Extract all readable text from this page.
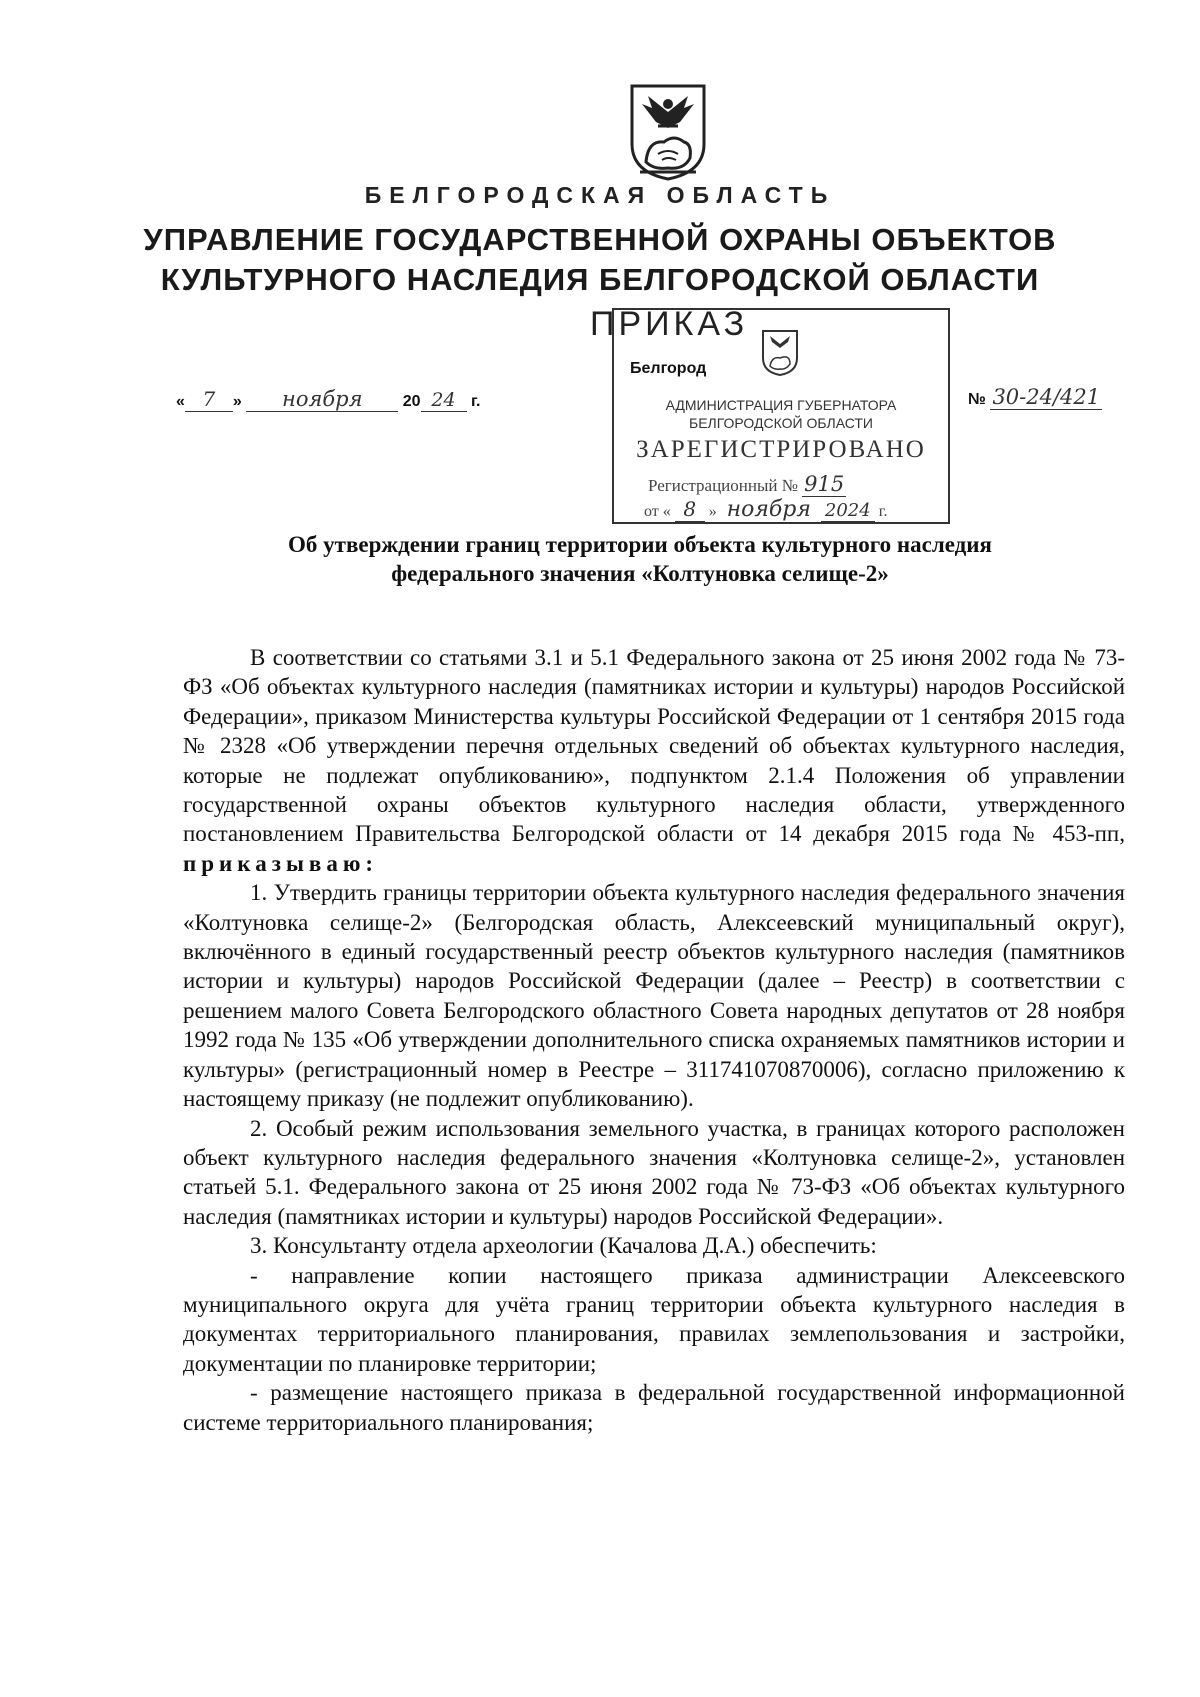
БЕЛГОРОДСКАЯ ОБЛАСТЬ
УПРАВЛЕНИЕ ГОСУДАРСТВЕННОЙ ОХРАНЫ ОБЪЕКТОВ
КУЛЬТУРНОГО НАСЛЕДИЯ БЕЛГОРОДСКОЙ ОБЛАСТИ
ПРИКАЗ
Белгород
АДМИНИСТРАЦИЯ ГУБЕРНАТОРА
БЕЛГОРОДСКОЙ ОБЛАСТИ
ЗАРЕГИСТРИРОВАНО
Регистрационный № 915
от « 8 » ноября 2024 г.
« 7 » ноября	20 24 г.	№ 30-24/421
Об утверждении границ территории объекта культурного наследия
федерального значения «Колтуновка селище-2»

В соответствии со статьями 3.1 и 5.1 Федерального закона от 25 июня 2002 года № 73-ФЗ «Об объектах культурного наследия (памятниках истории и культуры) народов Российской Федерации», приказом Министерства культуры Российской Федерации от 1 сентября 2015 года № 2328 «Об утверждении перечня отдельных сведений об объектах культурного наследия, которые не подлежат опубликованию», подпунктом 2.1.4 Положения об управлении государственной охраны объектов культурного наследия области, утвержденного постановлением Правительства Белгородской области от 14 декабря 2015 года № 453-пп, приказываю:

1. Утвердить границы территории объекта культурного наследия федерального значения «Колтуновка селище-2» (Белгородская область, Алексеевский муниципальный округ), включённого в единый государственный реестр объектов культурного наследия (памятников истории и культуры) народов Российской Федерации (далее – Реестр) в соответствии с решением малого Совета Белгородского областного Совета народных депутатов от 28 ноября 1992 года № 135 «Об утверждении дополнительного списка охраняемых памятников истории и культуры» (регистрационный номер в Реестре – 311741070870006), согласно приложению к настоящему приказу (не подлежит опубликованию).

2. Особый режим использования земельного участка, в границах которого расположен объект культурного наследия федерального значения «Колтуновка селище-2», установлен статьей 5.1. Федерального закона от 25 июня 2002 года № 73-ФЗ «Об объектах культурного наследия (памятниках истории и культуры) народов Российской Федерации».

3. Консультанту отдела археологии (Качалова Д.А.) обеспечить:

- направление копии настоящего приказа администрации Алексеевского муниципального округа для учёта границ территории объекта культурного наследия в документах территориального планирования, правилах землепользования и застройки, документации по планировке территории;

- размещение настоящего приказа в федеральной государственной информационной системе территориального планирования;
